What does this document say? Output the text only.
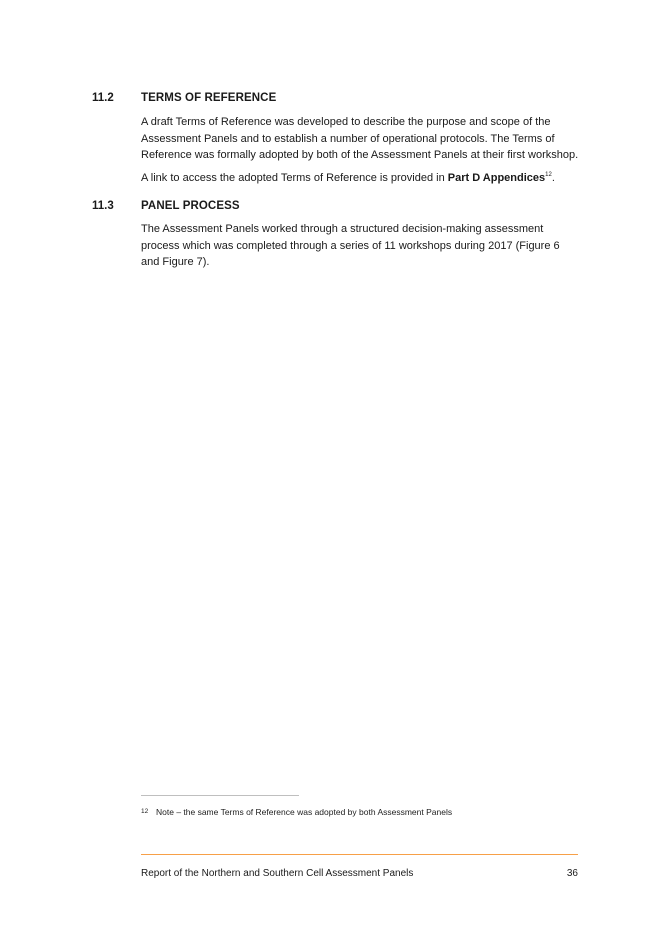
11.2 TERMS OF REFERENCE

A draft Terms of Reference was developed to describe the purpose and scope of the Assessment Panels and to establish a number of operational protocols. The Terms of Reference was formally adopted by both of the Assessment Panels at their first workshop.

A link to access the adopted Terms of Reference is provided in Part D Appendices$^{12}$.

11.3 PANEL PROCESS

The Assessment Panels worked through a structured decision-making assessment process which was completed through a series of 11 workshops during 2017 (Figure 6 and Figure 7).

12 Note – the same Terms of Reference was adopted by both Assessment Panels
Report of the Northern and Southern Cell Assessment Panels	36
